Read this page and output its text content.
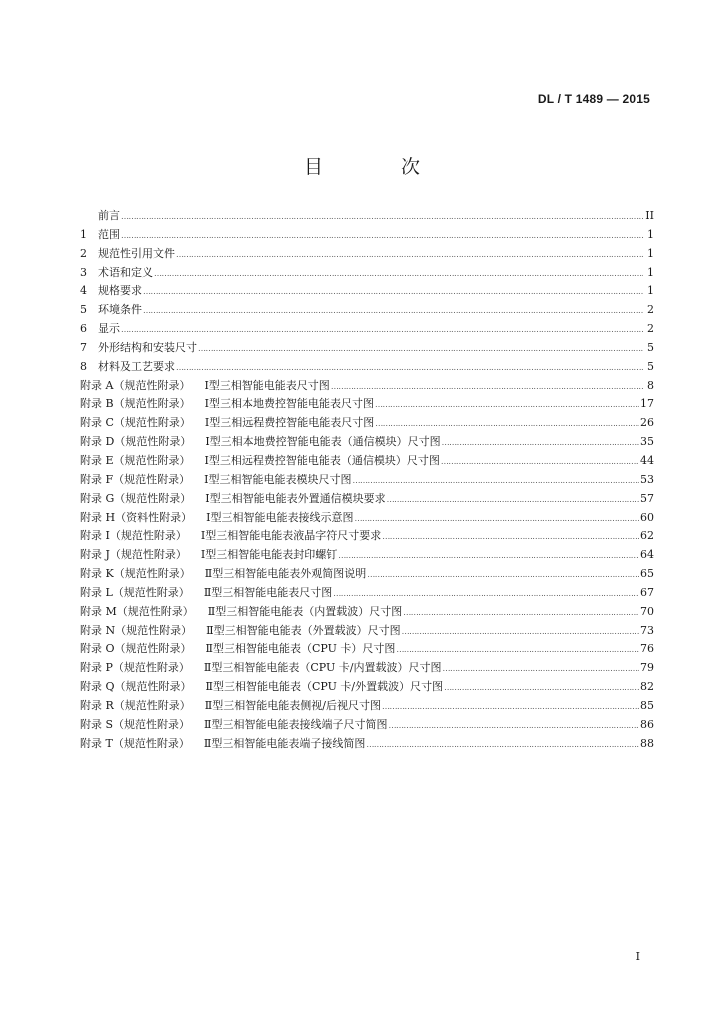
DL / T 1489 — 2015
目 次
前言 ……………………………………………………………………………………………………………………………………………………………………………………………………………………………………………………………………	II
1	范围 ……………………………………………………………………………………………………………………………………………………………………………………………………………………………………………………………………	1
2	规范性引用文件 ……………………………………………………………………………………………………………………………………………………………………………………………………………………………………………………………………	1
3	术语和定义 ……………………………………………………………………………………………………………………………………………………………………………………………………………………………………………………………………	1
4	规格要求 ……………………………………………………………………………………………………………………………………………………………………………………………………………………………………………………………………	1
5	环境条件 ……………………………………………………………………………………………………………………………………………………………………………………………………………………………………………………………………	2
6	显示 ……………………………………………………………………………………………………………………………………………………………………………………………………………………………………………………………………	2
7	外形结构和安装尺寸 ……………………………………………………………………………………………………………………………………………………………………………………………………………………………………………………………………	5
8	材料及工艺要求 ……………………………………………………………………………………………………………………………………………………………………………………………………………………………………………………………………	5
附录 A（规范性附录） Ⅰ型三相智能电能表尺寸图 ……………………………………………………………………………………………………………………………………………………………………………………………………………………………………………………………………	8
附录 B（规范性附录） Ⅰ型三相本地费控智能电能表尺寸图 ……………………………………………………………………………………………………………………………………………………………………………………………………………………………………………………………………	17
附录 C（规范性附录） Ⅰ型三相远程费控智能电能表尺寸图 ……………………………………………………………………………………………………………………………………………………………………………………………………………………………………………………………………	26
附录 D（规范性附录） Ⅰ型三相本地费控智能电能表（通信模块）尺寸图 ……………………………………………………………………………………………………………………………………………………………………………………………………………………………………………………………………	35
附录 E（规范性附录） Ⅰ型三相远程费控智能电能表（通信模块）尺寸图 ……………………………………………………………………………………………………………………………………………………………………………………………………………………………………………………………………	44
附录 F（规范性附录） Ⅰ型三相智能电能表模块尺寸图 ……………………………………………………………………………………………………………………………………………………………………………………………………………………………………………………………………	53
附录 G（规范性附录） Ⅰ型三相智能电能表外置通信模块要求 ……………………………………………………………………………………………………………………………………………………………………………………………………………………………………………………………………	57
附录 H（资料性附录） Ⅰ型三相智能电能表接线示意图 ……………………………………………………………………………………………………………………………………………………………………………………………………………………………………………………………………	60
附录 I（规范性附录） Ⅰ型三相智能电能表液晶字符尺寸要求 ……………………………………………………………………………………………………………………………………………………………………………………………………………………………………………………………………	62
附录 J（规范性附录） Ⅰ型三相智能电能表封印螺钉 ……………………………………………………………………………………………………………………………………………………………………………………………………………………………………………………………………	64
附录 K（规范性附录） Ⅱ型三相智能电能表外观简图说明 ……………………………………………………………………………………………………………………………………………………………………………………………………………………………………………………………………	65
附录 L（规范性附录） Ⅱ型三相智能电能表尺寸图 ……………………………………………………………………………………………………………………………………………………………………………………………………………………………………………………………………	67
附录 M（规范性附录） Ⅱ型三相智能电能表（内置载波）尺寸图 ……………………………………………………………………………………………………………………………………………………………………………………………………………………………………………………………………	70
附录 N（规范性附录） Ⅱ型三相智能电能表（外置载波）尺寸图 ……………………………………………………………………………………………………………………………………………………………………………………………………………………………………………………………………	73
附录 O（规范性附录） Ⅱ型三相智能电能表（CPU 卡）尺寸图 ……………………………………………………………………………………………………………………………………………………………………………………………………………………………………………………………………	76
附录 P（规范性附录） Ⅱ型三相智能电能表（CPU 卡/内置载波）尺寸图 ……………………………………………………………………………………………………………………………………………………………………………………………………………………………………………………………………	79
附录 Q（规范性附录） Ⅱ型三相智能电能表（CPU 卡/外置载波）尺寸图 ……………………………………………………………………………………………………………………………………………………………………………………………………………………………………………………………………	82
附录 R（规范性附录） Ⅱ型三相智能电能表侧视/后视尺寸图 ……………………………………………………………………………………………………………………………………………………………………………………………………………………………………………………………………	85
附录 S（规范性附录） Ⅱ型三相智能电能表接线端子尺寸简图 ……………………………………………………………………………………………………………………………………………………………………………………………………………………………………………………………………	86
附录 T（规范性附录） Ⅱ型三相智能电能表端子接线简图 ……………………………………………………………………………………………………………………………………………………………………………………………………………………………………………………………………	88
I
